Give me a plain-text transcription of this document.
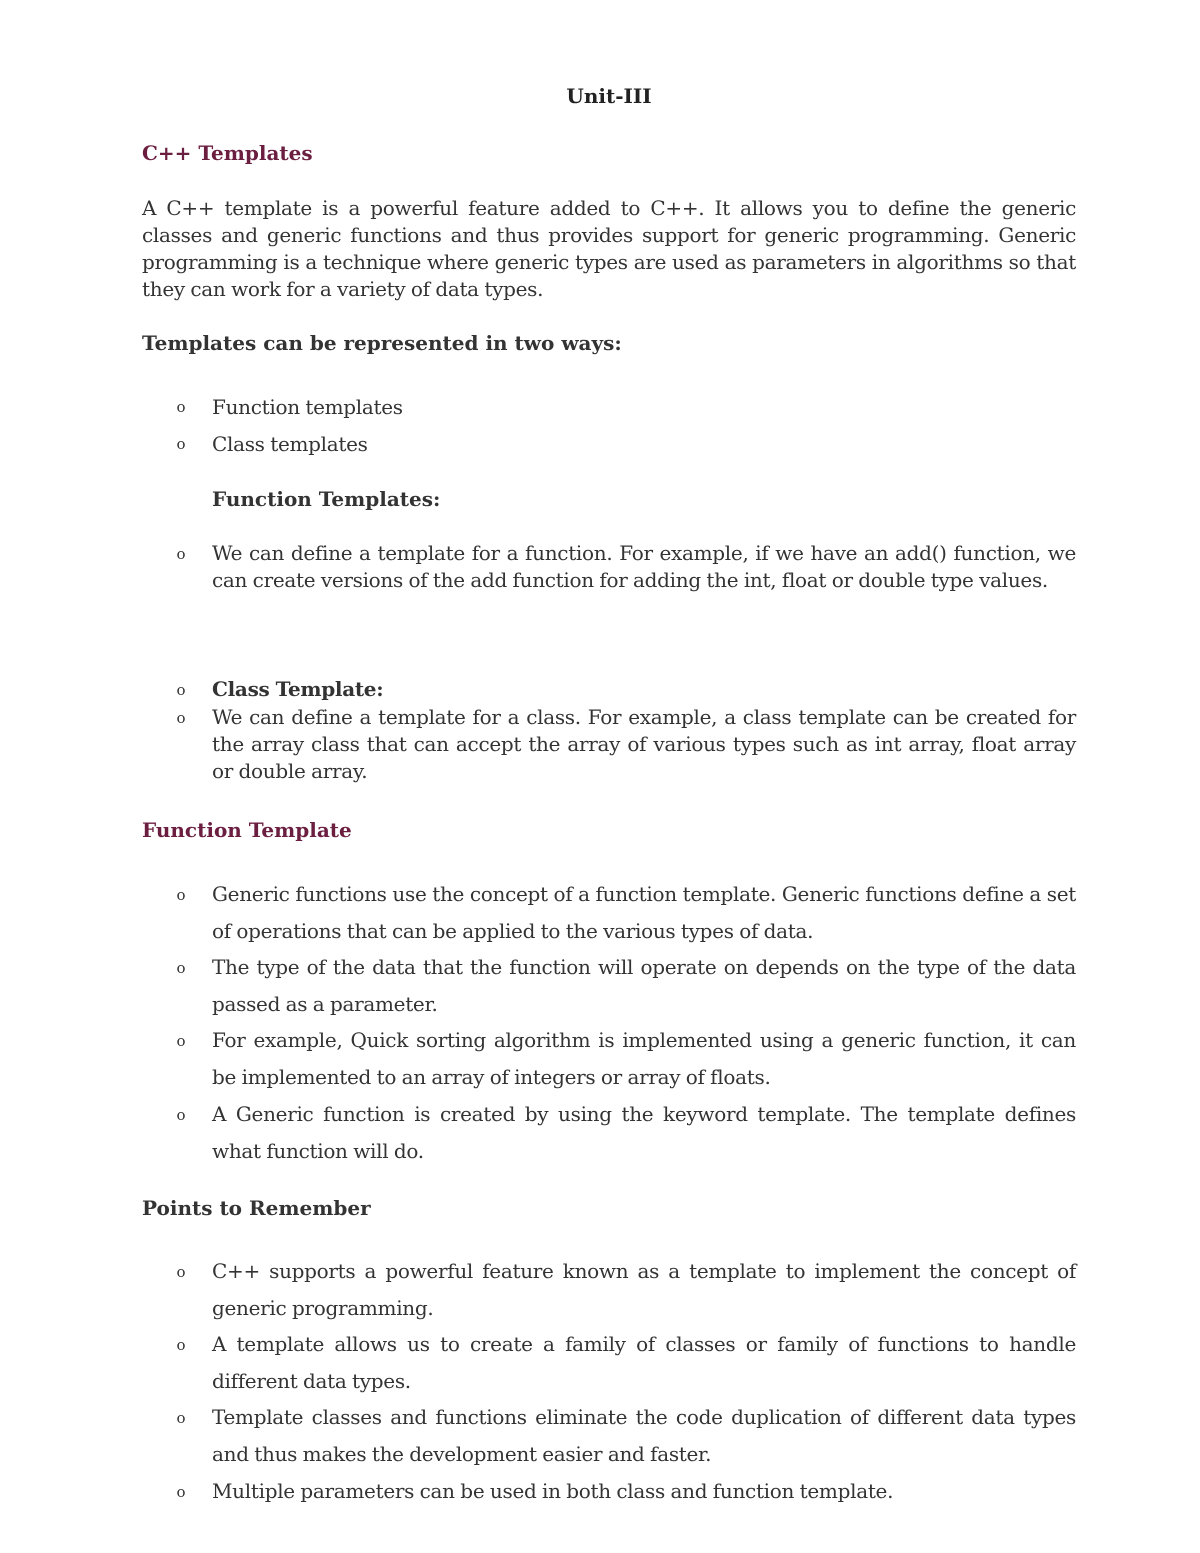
Unit-III
C++ Templates

A C++ template is a powerful feature added to C++. It allows you to define the generic classes and generic functions and thus provides support for generic programming. Generic programming is a technique where generic types are used as parameters in algorithms so that they can work for a variety of data types.

Templates can be represented in two ways:
o Function templates
o Class templates
Function Templates:
o We can define a template for a function. For example, if we have an add() function, we can create versions of the add function for adding the int, float or double type values.

o Class Template:
o We can define a template for a class. For example, a class template can be created for the array class that can accept the array of various types such as int array, float array or double array.

Function Template
o Generic functions use the concept of a function template. Generic functions define a set of operations that can be applied to the various types of data.

o The type of the data that the function will operate on depends on the type of the data passed as a parameter.

o For example, Quick sorting algorithm is implemented using a generic function, it can be implemented to an array of integers or array of floats.

o A Generic function is created by using the keyword template. The template defines what function will do.

Points to Remember
o C++ supports a powerful feature known as a template to implement the concept of generic programming.

o A template allows us to create a family of classes or family of functions to handle different data types.

o Template classes and functions eliminate the code duplication of different data types and thus makes the development easier and faster.

o Multiple parameters can be used in both class and function template.
